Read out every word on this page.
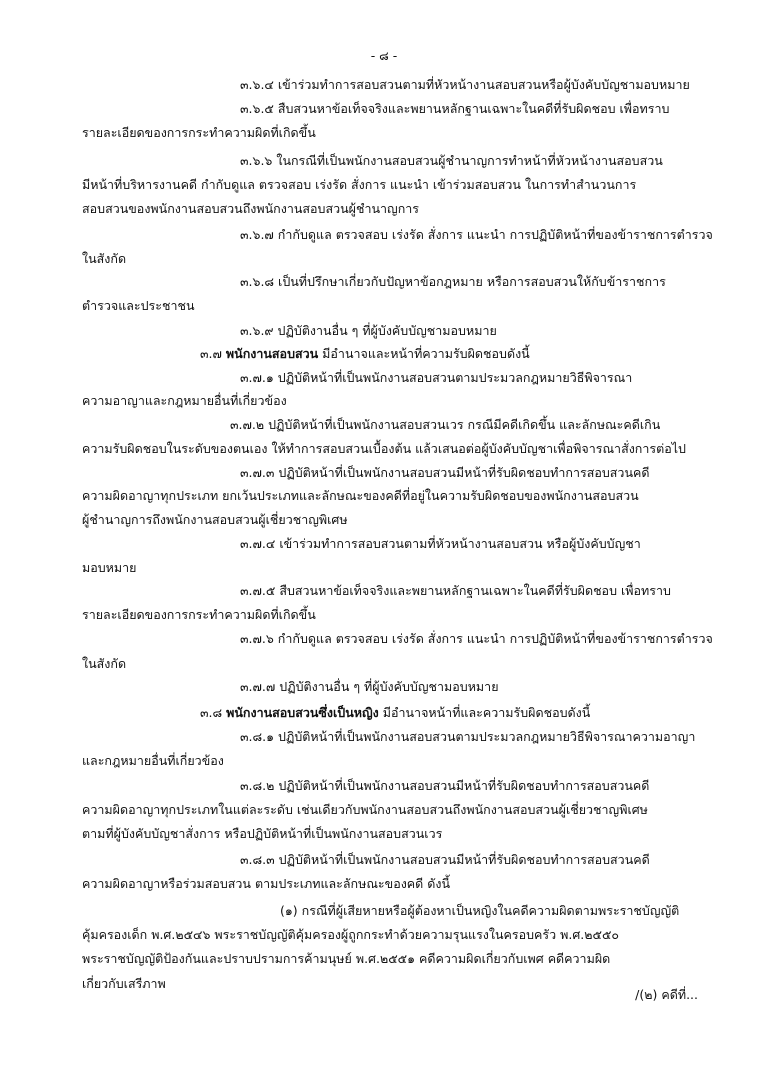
- ๘ -
๓.๖.๔ เข้าร่วมทำการสอบสวนตามที่หัวหน้างานสอบสวนหรือผู้บังคับบัญชามอบหมาย
๓.๖.๕ สืบสวนหาข้อเท็จจริงและพยานหลักฐานเฉพาะในคดีที่รับผิดชอบ เพื่อทราบ
รายละเอียดของการกระทำความผิดที่เกิดขึ้น
๓.๖.๖ ในกรณีที่เป็นพนักงานสอบสวนผู้ชำนาญการทำหน้าที่หัวหน้างานสอบสวน
มีหน้าที่บริหารงานคดี กำกับดูแล ตรวจสอบ เร่งรัด สั่งการ แนะนำ เข้าร่วมสอบสวน ในการทำสำนวนการ
สอบสวนของพนักงานสอบสวนถึงพนักงานสอบสวนผู้ชำนาญการ
๓.๖.๗ กำกับดูแล ตรวจสอบ เร่งรัด สั่งการ แนะนำ การปฏิบัติหน้าที่ของข้าราชการตำรวจ
ในสังกัด
๓.๖.๘ เป็นที่ปรึกษาเกี่ยวกับปัญหาข้อกฎหมาย หรือการสอบสวนให้กับข้าราชการ
ตำรวจและประชาชน
๓.๖.๙ ปฏิบัติงานอื่น ๆ ที่ผู้บังคับบัญชามอบหมาย
๓.๗ พนักงานสอบสวน มีอำนาจและหน้าที่ความรับผิดชอบดังนี้
๓.๗.๑ ปฏิบัติหน้าที่เป็นพนักงานสอบสวนตามประมวลกฎหมายวิธีพิจารณา
ความอาญาและกฎหมายอื่นที่เกี่ยวข้อง
๓.๗.๒ ปฏิบัติหน้าที่เป็นพนักงานสอบสวนเวร กรณีมีคดีเกิดขึ้น และลักษณะคดีเกิน
ความรับผิดชอบในระดับของตนเอง ให้ทำการสอบสวนเบื้องต้น แล้วเสนอต่อผู้บังคับบัญชาเพื่อพิจารณาสั่งการต่อไป
๓.๗.๓ ปฏิบัติหน้าที่เป็นพนักงานสอบสวนมีหน้าที่รับผิดชอบทำการสอบสวนคดี
ความผิดอาญาทุกประเภท ยกเว้นประเภทและลักษณะของคดีที่อยู่ในความรับผิดชอบของพนักงานสอบสวน
ผู้ชำนาญการถึงพนักงานสอบสวนผู้เชี่ยวชาญพิเศษ
๓.๗.๔ เข้าร่วมทำการสอบสวนตามที่หัวหน้างานสอบสวน หรือผู้บังคับบัญชา
มอบหมาย
๓.๗.๕ สืบสวนหาข้อเท็จจริงและพยานหลักฐานเฉพาะในคดีที่รับผิดชอบ เพื่อทราบ
รายละเอียดของการกระทำความผิดที่เกิดขึ้น
๓.๗.๖ กำกับดูแล ตรวจสอบ เร่งรัด สั่งการ แนะนำ การปฏิบัติหน้าที่ของข้าราชการตำรวจ
ในสังกัด
๓.๗.๗ ปฏิบัติงานอื่น ๆ ที่ผู้บังคับบัญชามอบหมาย
๓.๘ พนักงานสอบสวนซึ่งเป็นหญิง มีอำนาจหน้าที่และความรับผิดชอบดังนี้
๓.๘.๑ ปฏิบัติหน้าที่เป็นพนักงานสอบสวนตามประมวลกฎหมายวิธีพิจารณาความอาญา
และกฎหมายอื่นที่เกี่ยวข้อง
๓.๘.๒ ปฏิบัติหน้าที่เป็นพนักงานสอบสวนมีหน้าที่รับผิดชอบทำการสอบสวนคดี
ความผิดอาญาทุกประเภทในแต่ละระดับ เช่นเดียวกับพนักงานสอบสวนถึงพนักงานสอบสวนผู้เชี่ยวชาญพิเศษ
ตามที่ผู้บังคับบัญชาสั่งการ หรือปฏิบัติหน้าที่เป็นพนักงานสอบสวนเวร
๓.๘.๓ ปฏิบัติหน้าที่เป็นพนักงานสอบสวนมีหน้าที่รับผิดชอบทำการสอบสวนคดี
ความผิดอาญาหรือร่วมสอบสวน ตามประเภทและลักษณะของคดี ดังนี้
(๑) กรณีที่ผู้เสียหายหรือผู้ต้องหาเป็นหญิงในคดีความผิดตามพระราชบัญญัติ
คุ้มครองเด็ก พ.ศ.๒๕๔๖ พระราชบัญญัติคุ้มครองผู้ถูกกระทำด้วยความรุนแรงในครอบครัว พ.ศ.๒๕๕๐
พระราชบัญญัติป้องกันและปราบปรามการค้ามนุษย์ พ.ศ.๒๕๕๑ คดีความผิดเกี่ยวกับเพศ คดีความผิด
เกี่ยวกับเสรีภาพ
/(๒) คดีที่...
